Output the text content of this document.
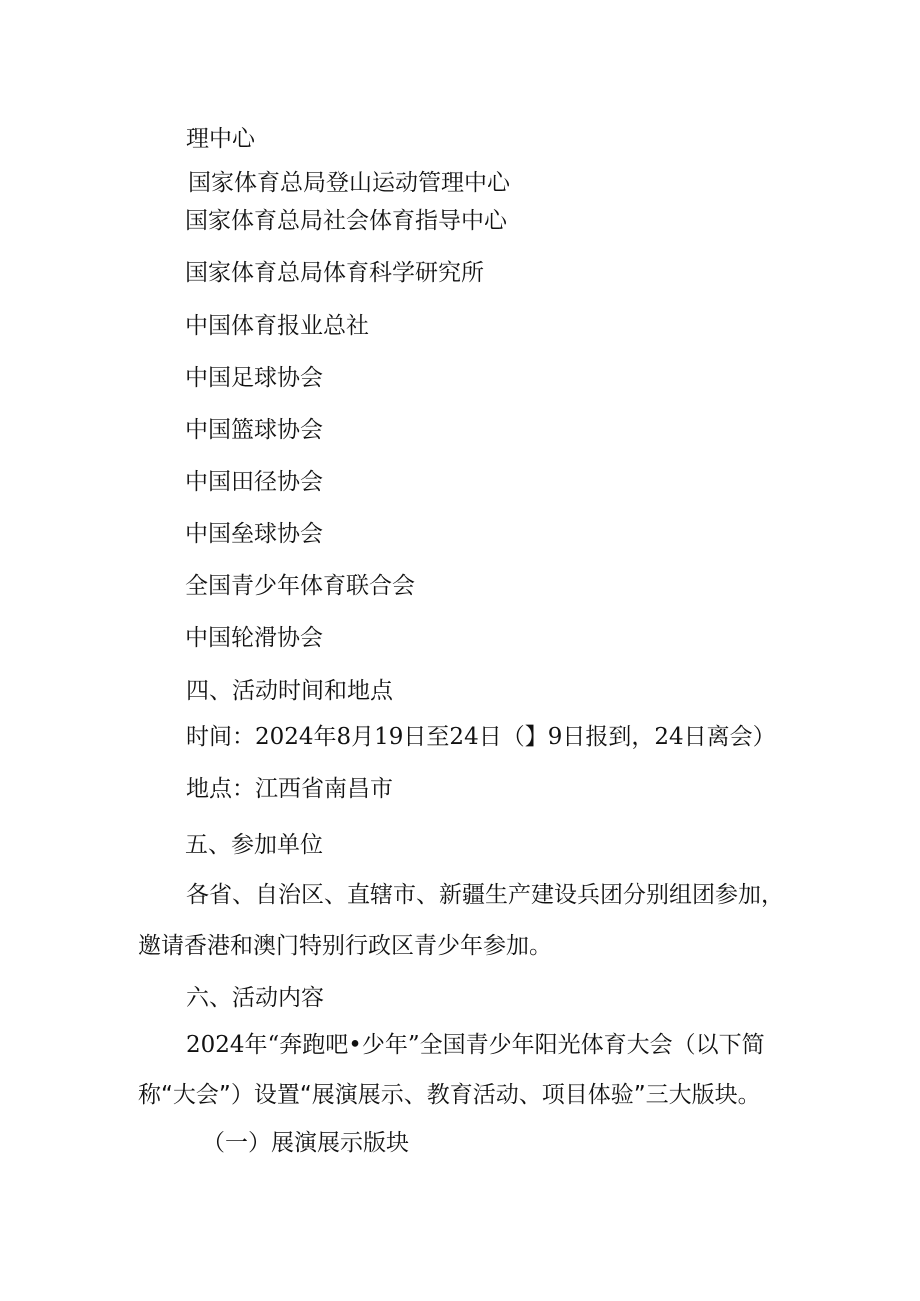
理中心
国家体育总局登山运动管理中心
国家体育总局社会体育指导中心
国家体育总局体育科学研究所
中国体育报业总社
中国足球协会
中国篮球协会
中国田径协会
中国垒球协会
全国青少年体育联合会
中国轮滑协会
四、活动时间和地点
时间：2024年8月19日至24日（】9日报到，24日离会）
地点：江西省南昌市
五、参加单位
各省、自治区、直辖市、新疆生产建设兵团分别组团参加，
邀请香港和澳门特别行政区青少年参加。
六、活动内容
2024年“奔跑吧•少年”全国青少年阳光体育大会（以下简
称“大会”）设置“展演展示、教育活动、项目体验”三大版块。
（一）展演展示版块
